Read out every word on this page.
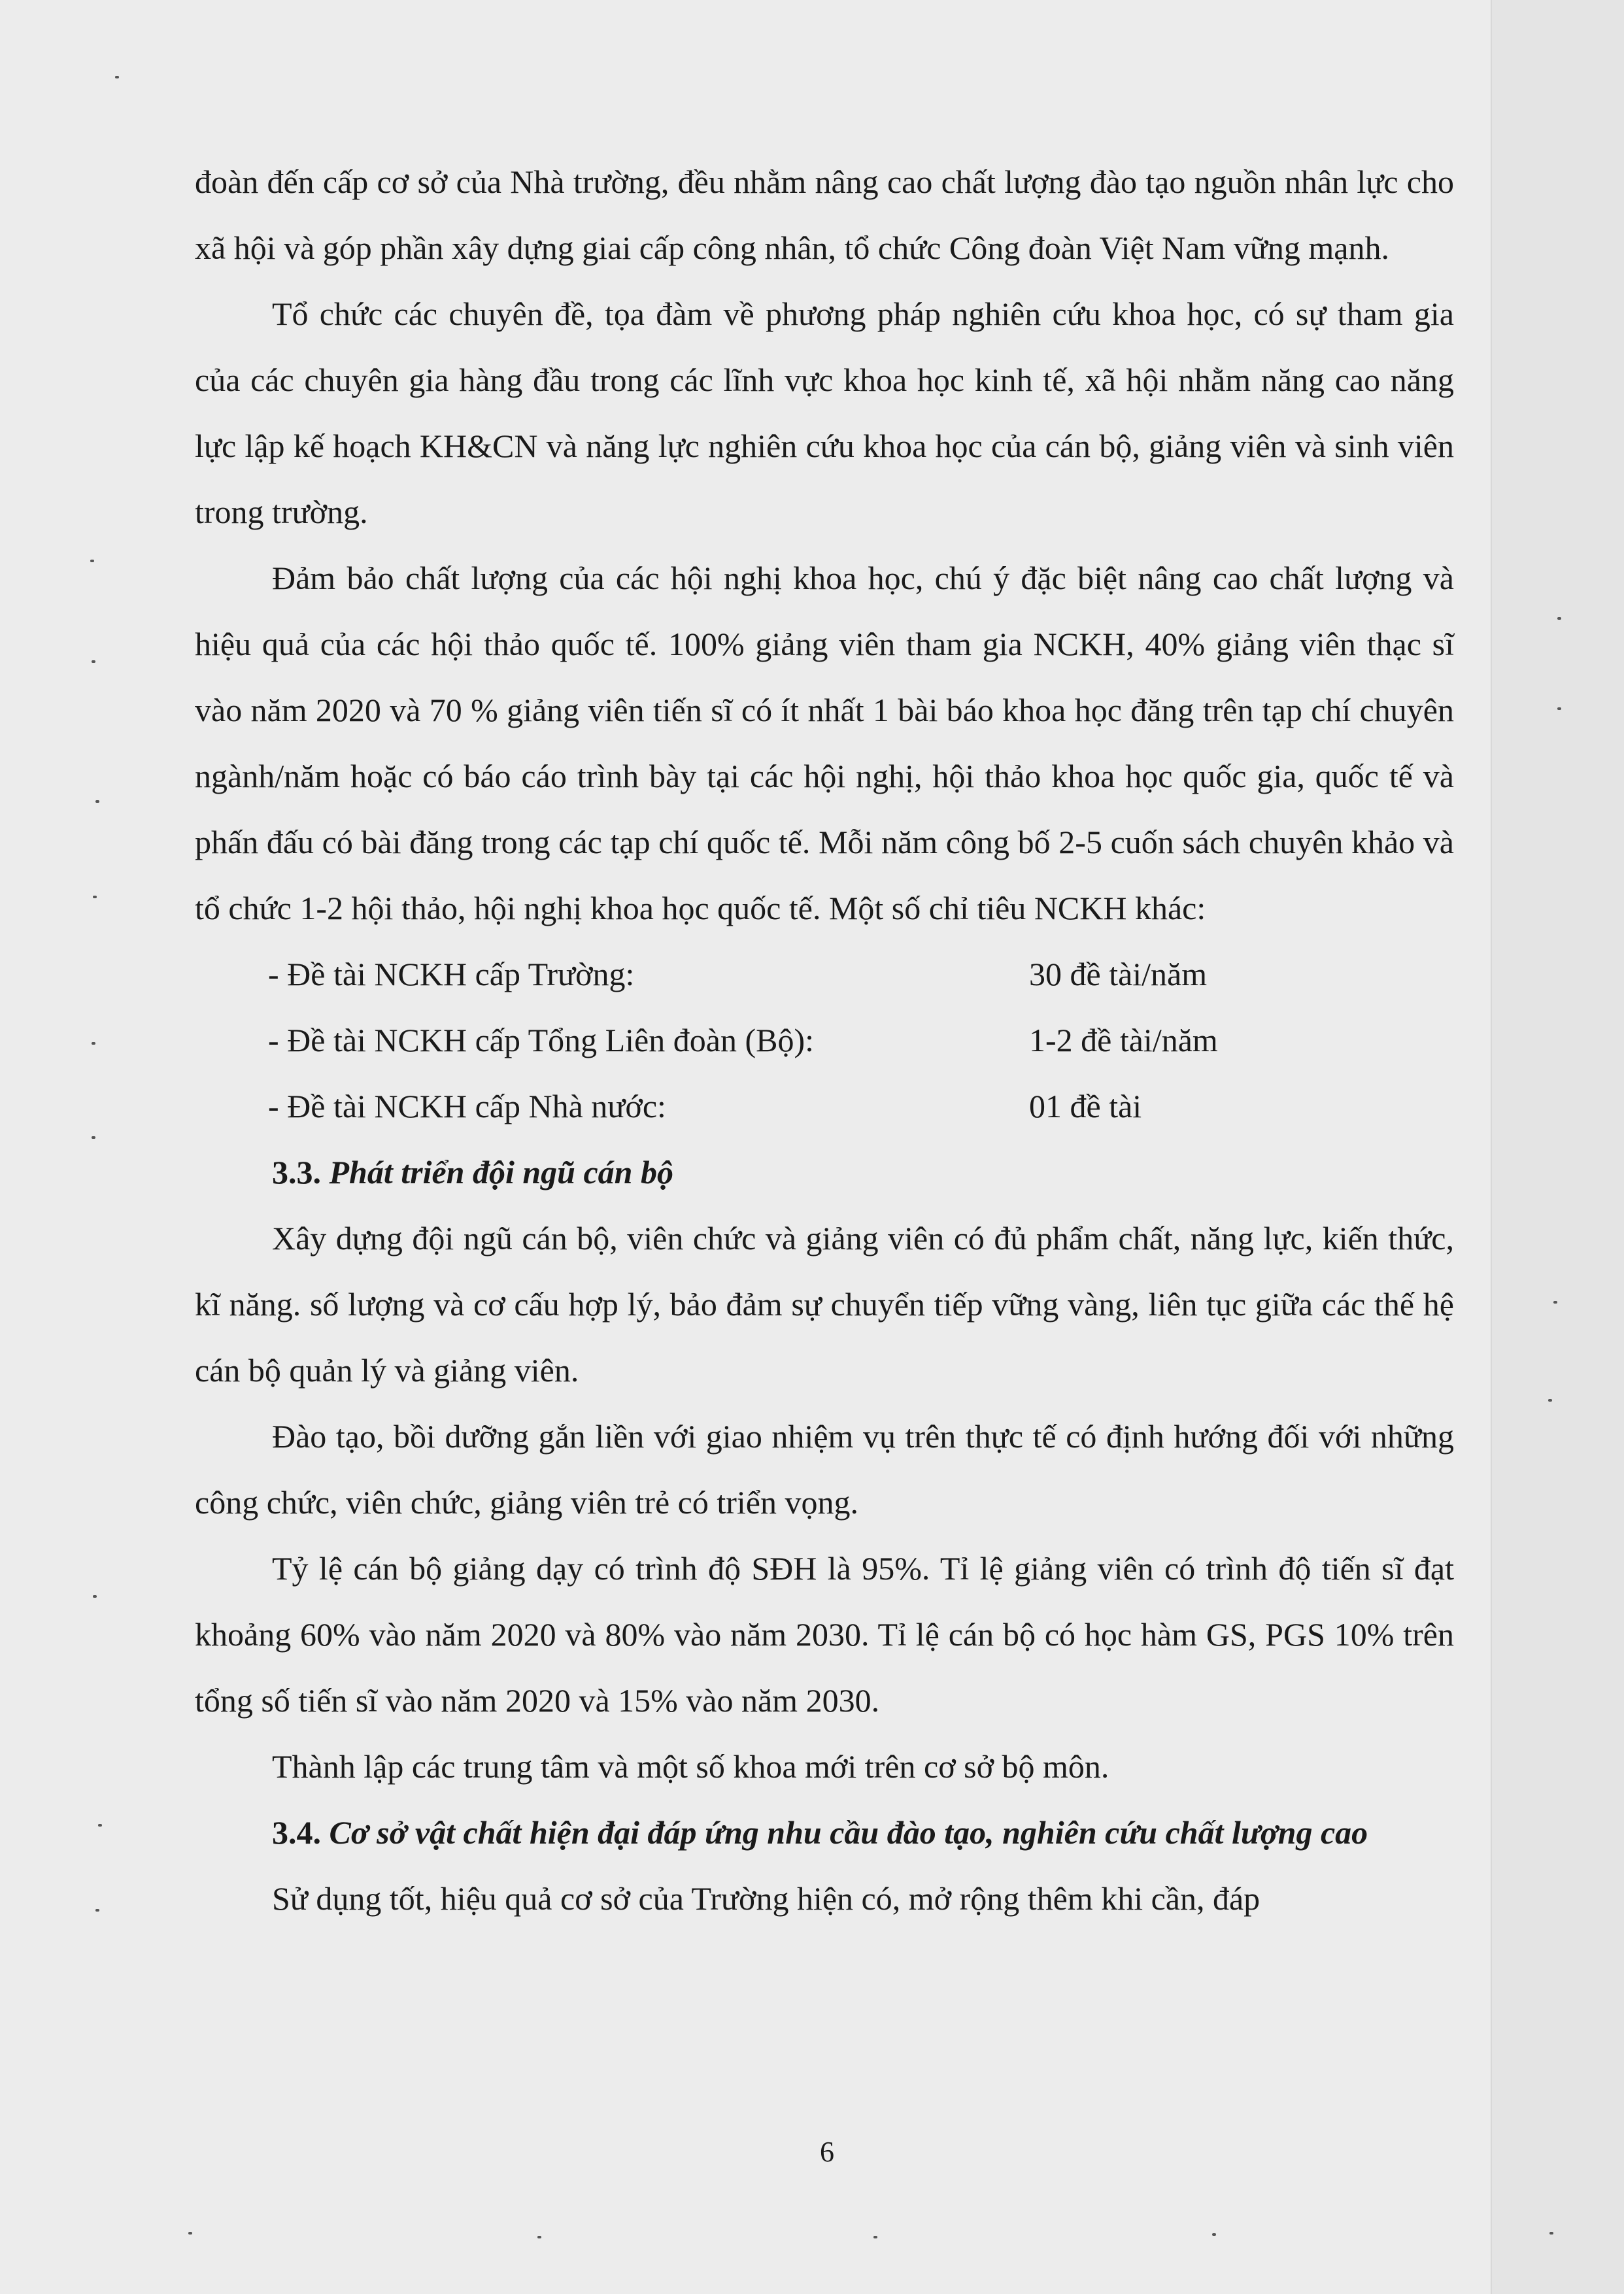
đoàn đến cấp cơ sở của Nhà trường, đều nhằm nâng cao chất lượng đào tạo nguồn nhân lực cho xã hội và góp phần xây dựng giai cấp công nhân, tổ chức Công đoàn Việt Nam vững mạnh.

Tổ chức các chuyên đề, tọa đàm về phương pháp nghiên cứu khoa học, có sự tham gia của các chuyên gia hàng đầu trong các lĩnh vực khoa học kinh tế, xã hội nhằm năng cao năng lực lập kế hoạch KH&CN và năng lực nghiên cứu khoa học của cán bộ, giảng viên và sinh viên trong trường.

Đảm bảo chất lượng của các hội nghị khoa học, chú ý đặc biệt nâng cao chất lượng và hiệu quả của các hội thảo quốc tế. 100% giảng viên tham gia NCKH, 40% giảng viên thạc sĩ vào năm 2020 và 70 % giảng viên tiến sĩ có ít nhất 1 bài báo khoa học đăng trên tạp chí chuyên ngành/năm hoặc có báo cáo trình bày tại các hội nghị, hội thảo khoa học quốc gia, quốc tế và phấn đấu có bài đăng trong các tạp chí quốc tế. Mỗi năm công bố 2-5 cuốn sách chuyên khảo và tổ chức 1-2 hội thảo, hội nghị khoa học quốc tế. Một số chỉ tiêu NCKH khác:

- Đề tài NCKH cấp Trường:	30 đề tài/năm
- Đề tài NCKH cấp Tổng Liên đoàn (Bộ):	1-2 đề tài/năm
- Đề tài NCKH cấp Nhà nước:	01 đề tài

3.3. Phát triển đội ngũ cán bộ

Xây dựng đội ngũ cán bộ, viên chức và giảng viên có đủ phẩm chất, năng lực, kiến thức, kĩ năng. số lượng và cơ cấu hợp lý, bảo đảm sự chuyển tiếp vững vàng, liên tục giữa các thế hệ cán bộ quản lý và giảng viên.

Đào tạo, bồi dưỡng gắn liền với giao nhiệm vụ trên thực tế có định hướng đối với những công chức, viên chức, giảng viên trẻ có triển vọng.

Tỷ lệ cán bộ giảng dạy có trình độ SĐH là 95%. Tỉ lệ giảng viên có trình độ tiến sĩ đạt khoảng 60% vào năm 2020 và 80% vào năm 2030. Tỉ lệ cán bộ có học hàm GS, PGS 10% trên tổng số tiến sĩ vào năm 2020 và 15% vào năm 2030.

Thành lập các trung tâm và một số khoa mới trên cơ sở bộ môn.

3.4. Cơ sở vật chất hiện đại đáp ứng nhu cầu đào tạo, nghiên cứu chất lượng cao

Sử dụng tốt, hiệu quả cơ sở của Trường hiện có, mở rộng thêm khi cần, đáp

6
